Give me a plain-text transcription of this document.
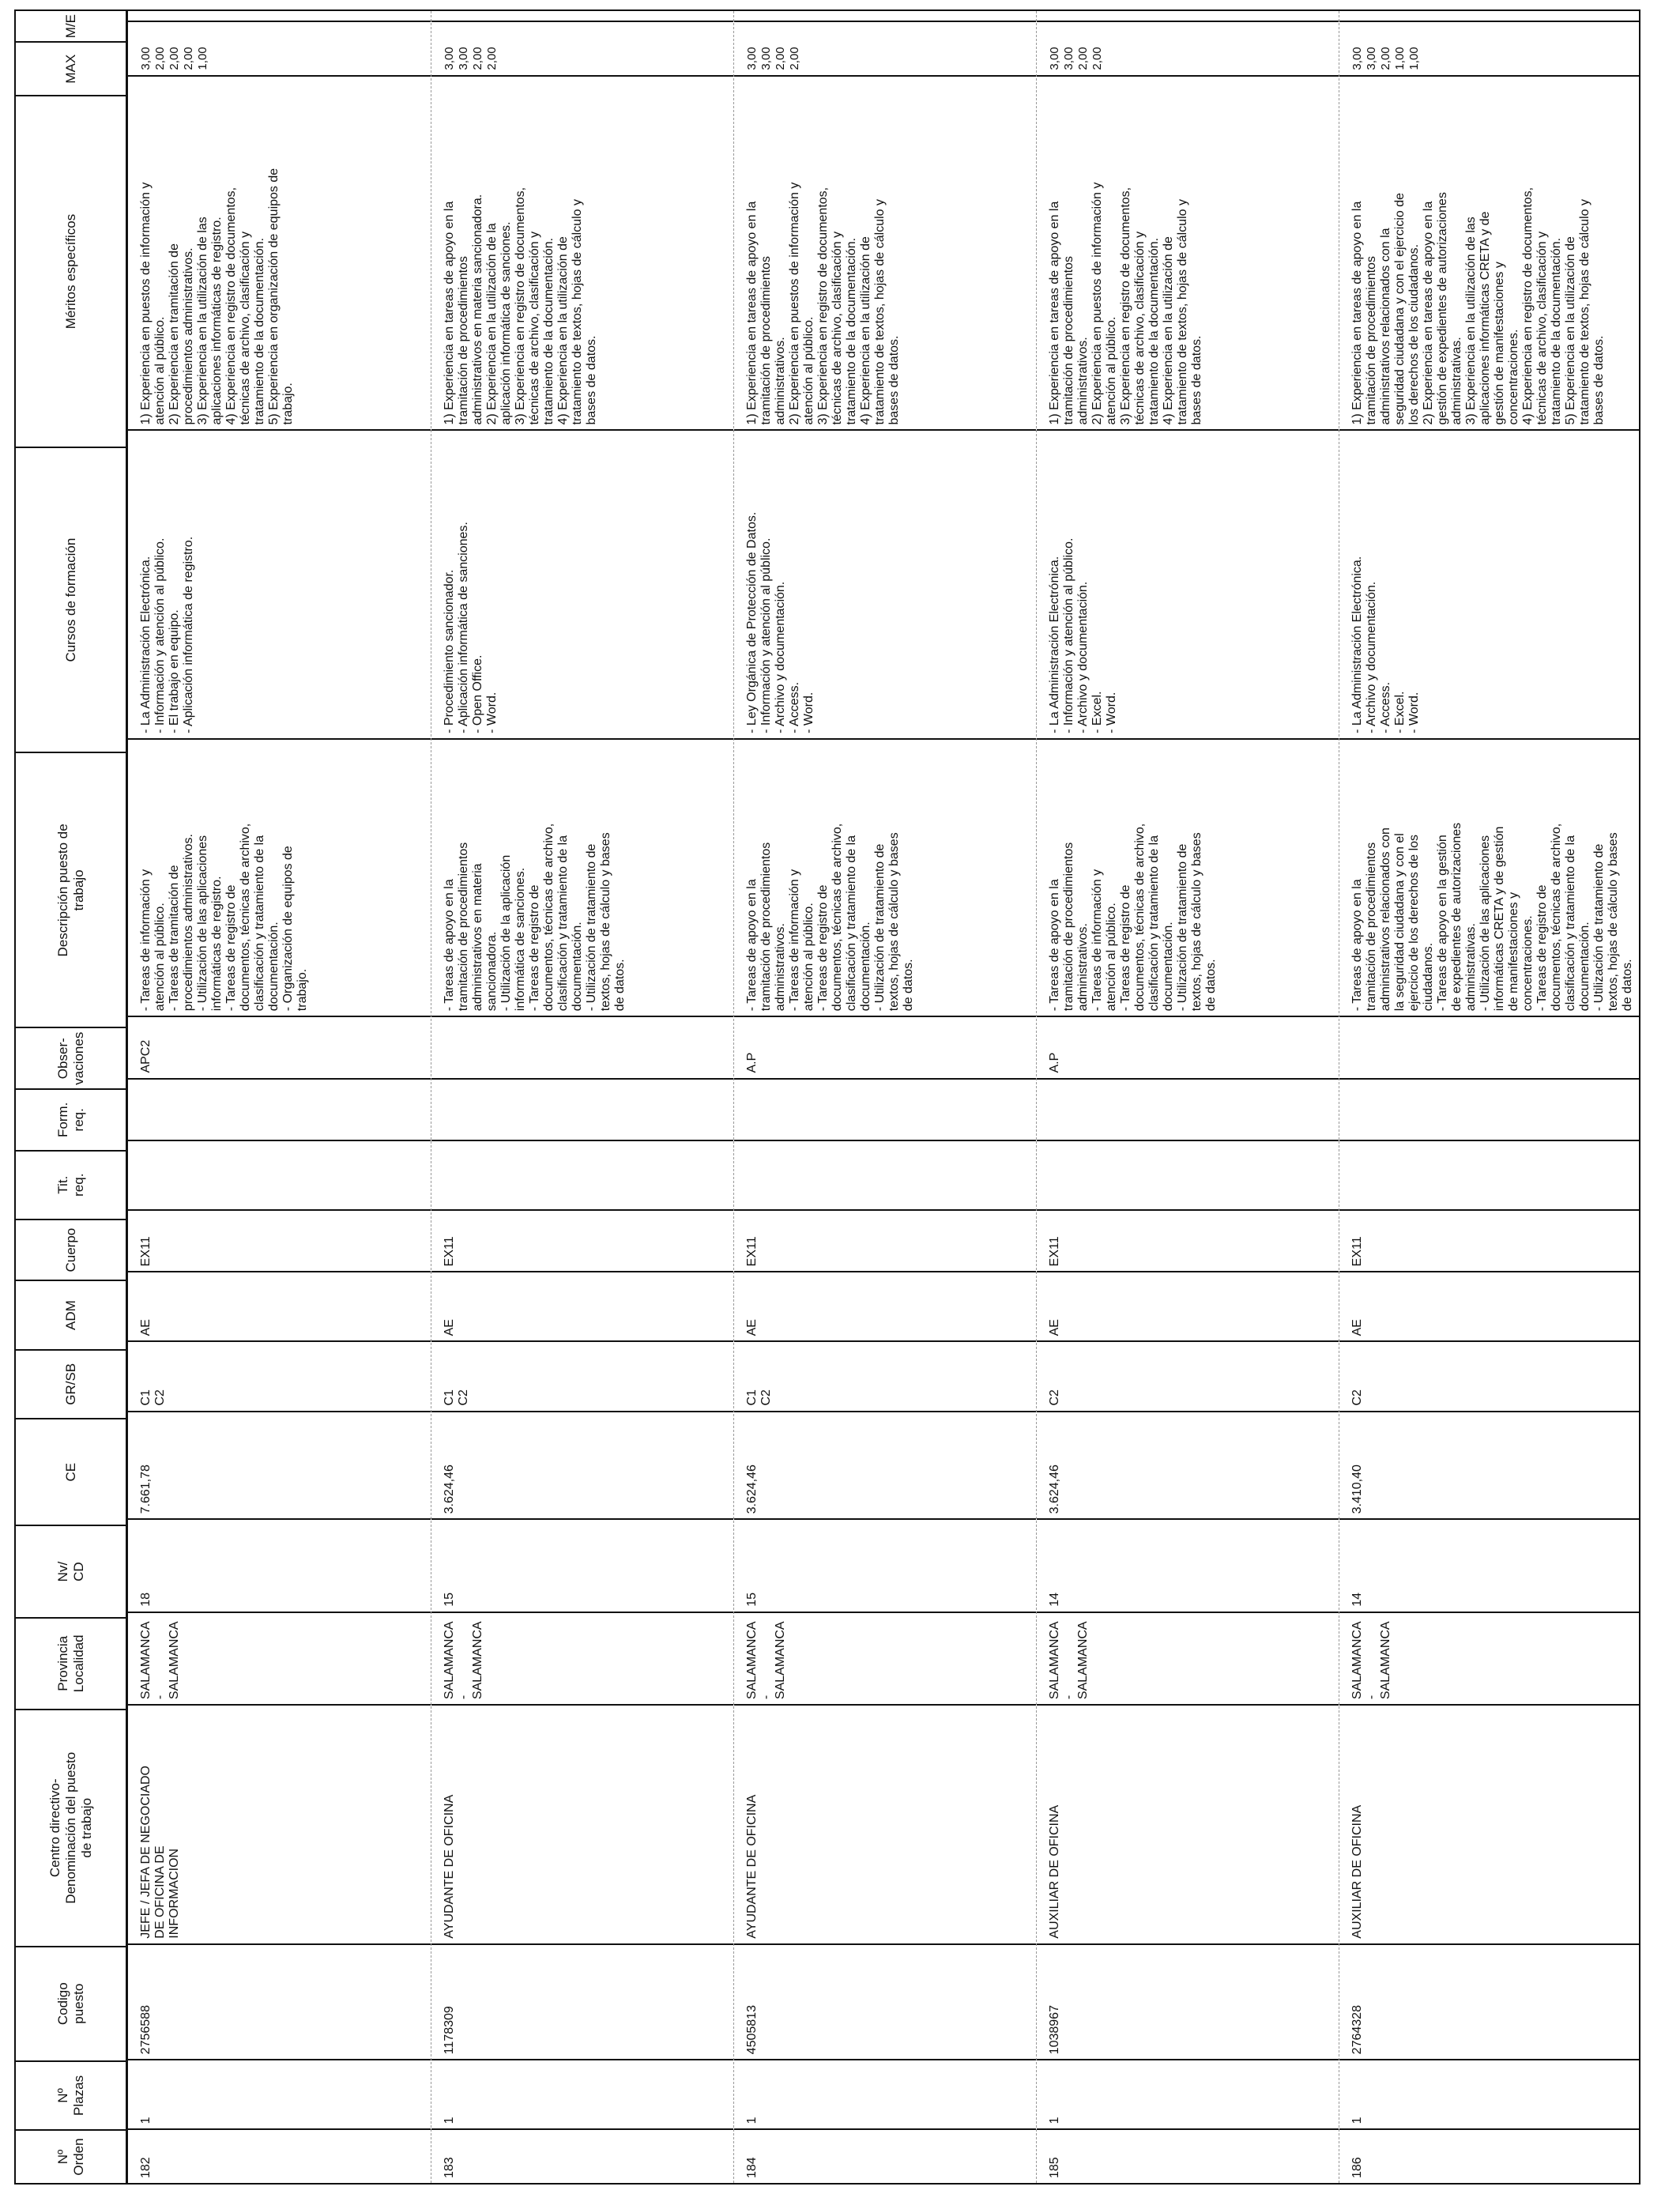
Nº
Orden
Nº
Plazas
Codigo
puesto
Centro directivo-
Denominación del puesto
de trabajo
Provincia
Localidad
Nv/
CD
CE
GR/SB
ADM
Cuerpo
Tit.
req.
Form.
req.
Obser-
vaciones
Descripción puesto de
trabajo
Cursos de formación
Méritos específicos
MAX
M/E
182
1
2756588
JEFE / JEFA DE NEGOCIADO
DE OFICINA DE
INFORMACION
SALAMANCA -
SALAMANCA
18
7.661,78
C1
C2
AE
EX11
APC2
- Tareas de información y
atención al público.
- Tareas de tramitación de
procedimientos administrativos.
- Utilización de las aplicaciones
informáticas de registro.
- Tareas de registro de
documentos, técnicas de archivo,
clasificación y tratamiento de la
documentación.
- Organización de equipos de
trabajo.
- La Administración Electrónica.
- Información y atención al público.
- El trabajo en equipo.
- Aplicación informática de registro.
1) Experiencia en puestos de información y
atención al público.
2) Experiencia en tramitación de
procedimientos administrativos.
3) Experiencia en la utilización de las
aplicaciones informáticas de registro.
4) Experiencia en registro de documentos,
técnicas de archivo, clasificación y
tratamiento de la documentación.
5) Experiencia en organización de equipos de
trabajo.
3,00 2,00 2,00 2,00 1,00
183
1
1178309
AYUDANTE DE OFICINA
SALAMANCA -
SALAMANCA
15
3.624,46
C1
C2
AE
EX11
- Tareas de apoyo en la
tramitación de procedimientos
administrativos en materia
sancionadora.
- Utilización de la aplicación
informática de sanciones.
- Tareas de registro de
documentos, técnicas de archivo,
clasificación y tratamiento de la
documentación.
- Utilización de tratamiento de
textos, hojas de cálculo y bases
de datos.
- Procedimiento sancionador.
- Aplicación informática de sanciones.
- Open Office.
- Word.
1) Experiencia en tareas de apoyo en la
tramitación de procedimientos
administrativos en materia sancionadora.
2) Experiencia en la utilización de la
aplicación informática de sanciones.
3) Experiencia en registro de documentos,
técnicas de archivo, clasificación y
tratamiento de la documentación.
4) Experiencia en la utilización de
tratamiento de textos, hojas de cálculo y
bases de datos.
3,00 3,00 2,00 2,00
184
1
4505813
AYUDANTE DE OFICINA
SALAMANCA -
SALAMANCA
15
3.624,46
C1
C2
AE
EX11
A.P
- Tareas de apoyo en la
tramitación de procedimientos
administrativos.
- Tareas de información y
atención al público.
- Tareas de registro de
documentos, técnicas de archivo,
clasificación y tratamiento de la
documentación.
- Utilización de tratamiento de
textos, hojas de cálculo y bases
de datos.
- Ley Orgánica de Protección de Datos.
- Información y atención al público.
- Archivo y documentación.
- Access.
- Word.
1) Experiencia en tareas de apoyo en la
tramitación de procedimientos
administrativos.
2) Experiencia en puestos de información y
atención al público.
3) Experiencia en registro de documentos,
técnicas de archivo, clasificación y
tratamiento de la documentación.
4) Experiencia en la utilización de
tratamiento de textos, hojas de cálculo y
bases de datos.
3,00 3,00 2,00 2,00
185
1
1038967
AUXILIAR DE OFICINA
SALAMANCA -
SALAMANCA
14
3.624,46
C2
AE
EX11
A.P
- Tareas de apoyo en la
tramitación de procedimientos
administrativos.
- Tareas de información y
atención al público.
- Tareas de registro de
documentos, técnicas de archivo,
clasificación y tratamiento de la
documentación.
- Utilización de tratamiento de
textos, hojas de cálculo y bases
de datos.
- La Administración Electrónica.
- Información y atención al público.
- Archivo y documentación.
- Excel.
- Word.
1) Experiencia en tareas de apoyo en la
tramitación de procedimientos
administrativos.
2) Experiencia en puestos de información y
atención al público.
3) Experiencia en registro de documentos,
técnicas de archivo, clasificación y
tratamiento de la documentación.
4) Experiencia en la utilización de
tratamiento de textos, hojas de cálculo y
bases de datos.
3,00 3,00 2,00 2,00
186
1
2764328
AUXILIAR DE OFICINA
SALAMANCA -
SALAMANCA
14
3.410,40
C2
AE
EX11
- Tareas de apoyo en la
tramitación de procedimientos
administrativos relacionados con
la seguridad ciudadana y con el
ejercicio de los derechos de los
ciudadanos.
- Tareas de apoyo en la gestión
de expedientes de autorizaciones
administrativas.
- Utilización de las aplicaciones
informáticas CRETA y de gestión
de manifestaciones y
concentraciones.
- Tareas de registro de
documentos, técnicas de archivo,
clasificación y tratamiento de la
documentación.
- Utilización de tratamiento de
textos, hojas de cálculo y bases
de datos.
- La Administración Electrónica.
- Archivo y documentación.
- Access.
- Excel.
- Word.
1) Experiencia en tareas de apoyo en la
tramitación de procedimientos
administrativos relacionados con la
seguridad ciudadana y con el ejercicio de
los derechos de los ciudadanos.
2) Experiencia en tareas de apoyo en la
gestión de expedientes de autorizaciones
administrativas.
3) Experiencia en la utilización de las
aplicaciones informáticas CRETA y de
gestión de manifestaciones y
concentraciones.
4) Experiencia en registro de documentos,
técnicas de archivo, clasificación y
tratamiento de la documentación.
5) Experiencia en la utilización de
tratamiento de textos, hojas de cálculo y
bases de datos.
3,00 3,00 2,00 1,00 1,00
